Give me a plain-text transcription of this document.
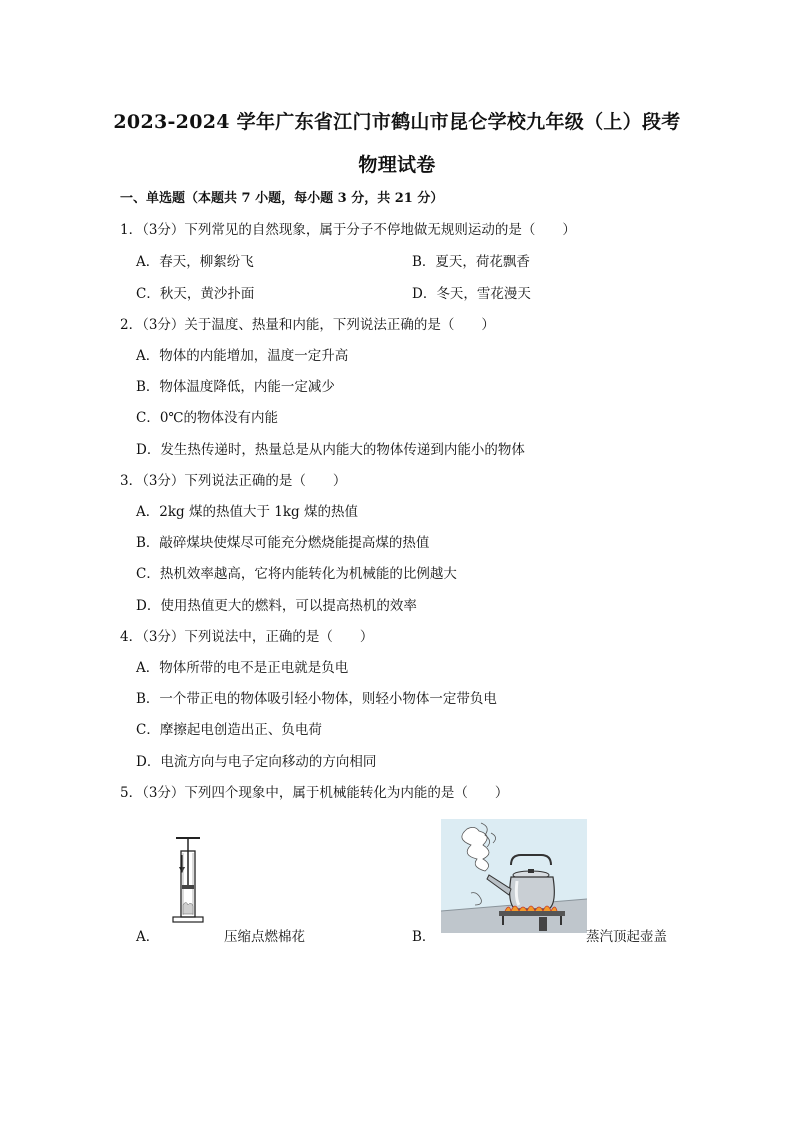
2023-2024 学年广东省江门市鹤山市昆仑学校九年级（上）段考
物理试卷
一、单选题（本题共 7 小题，每小题 3 分，共 21 分）
1．（3分）下列常见的自然现象，属于分子不停地做无规则运动的是（　　）
A．春天，柳絮纷飞	B．夏天，荷花飘香
C．秋天，黄沙扑面	D．冬天，雪花漫天
2．（3分）关于温度、热量和内能，下列说法正确的是（　　）
A．物体的内能增加，温度一定升高
B．物体温度降低，内能一定减少
C．0℃的物体没有内能
D．发生热传递时，热量总是从内能大的物体传递到内能小的物体
3．（3分）下列说法正确的是（　　）
A．2kg 煤的热值大于 1kg 煤的热值
B．敲碎煤块使煤尽可能充分燃烧能提高煤的热值
C．热机效率越高，它将内能转化为机械能的比例越大
D．使用热值更大的燃料，可以提高热机的效率
4．（3分）下列说法中，正确的是（　　）
A．物体所带的电不是正电就是负电
B．一个带正电的物体吸引轻小物体，则轻小物体一定带负电
C．摩擦起电创造出正、负电荷
D．电流方向与电子定向移动的方向相同
5．（3分）下列四个现象中，属于机械能转化为内能的是（　　）
A．	压缩点燃棉花	B．	蒸汽顶起壶盖
